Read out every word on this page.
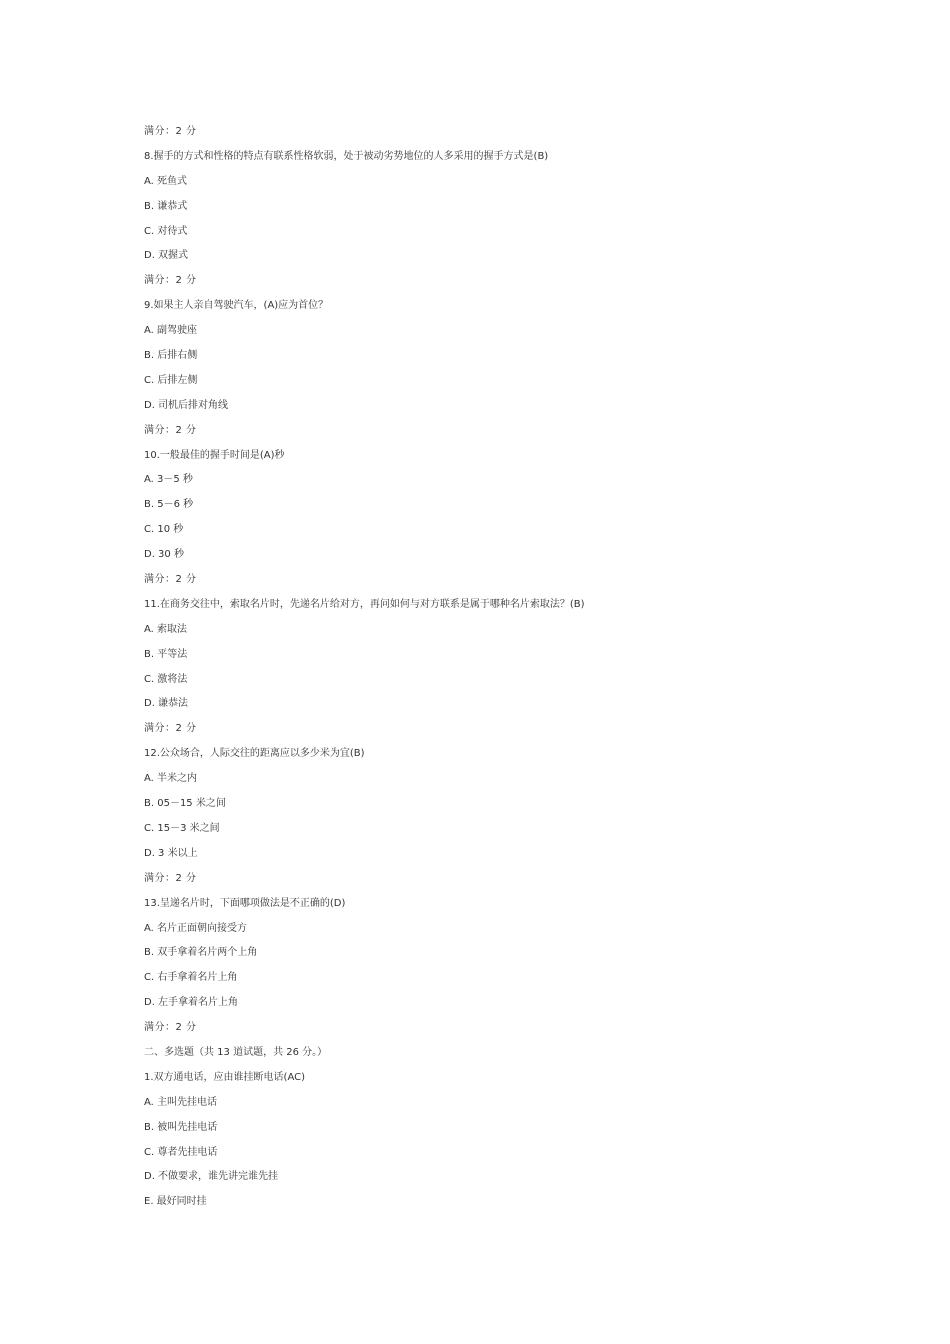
满分：2 分
8.握手的方式和性格的特点有联系性格软弱，处于被动劣势地位的人多采用的握手方式是(B)
A. 死鱼式
B. 谦恭式
C. 对待式
D. 双握式
满分：2 分
9.如果主人亲自驾驶汽车，(A)应为首位？
A. 副驾驶座
B. 后排右侧
C. 后排左侧
D. 司机后排对角线
满分：2 分
10.一般最佳的握手时间是(A)秒
A. 3－5 秒
B. 5－6 秒
C. 10 秒
D. 30 秒
满分：2 分
11.在商务交往中，索取名片时，先递名片给对方，再问如何与对方联系是属于哪种名片索取法？(B)
A. 索取法
B. 平等法
C. 激将法
D. 谦恭法
满分：2 分
12.公众场合，人际交往的距离应以多少米为宜(B)
A. 半米之内
B. 05－15 米之间
C. 15－3 米之间
D. 3 米以上
满分：2 分
13.呈递名片时，下面哪项做法是不正确的(D)
A. 名片正面朝向接受方
B. 双手拿着名片两个上角
C. 右手拿着名片上角
D. 左手拿着名片上角
满分：2 分
二、多选题（共 13 道试题，共 26 分。）
1.双方通电话，应由谁挂断电话(AC)
A. 主叫先挂电话
B. 被叫先挂电话
C. 尊者先挂电话
D. 不做要求，谁先讲完谁先挂
E. 最好同时挂
